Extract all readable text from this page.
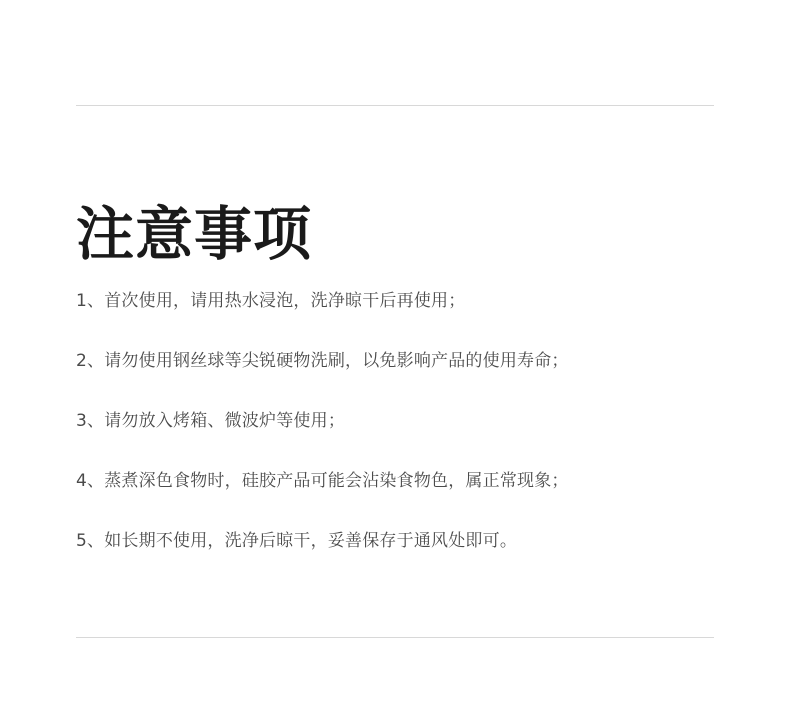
注意事项

1、首次使用，请用热水浸泡，洗净晾干后再使用；

2、请勿使用钢丝球等尖锐硬物洗刷，以免影响产品的使用寿命；

3、请勿放入烤箱、微波炉等使用；

4、蒸煮深色食物时，硅胶产品可能会沾染食物色，属正常现象；

5、如长期不使用，洗净后晾干，妥善保存于通风处即可。
